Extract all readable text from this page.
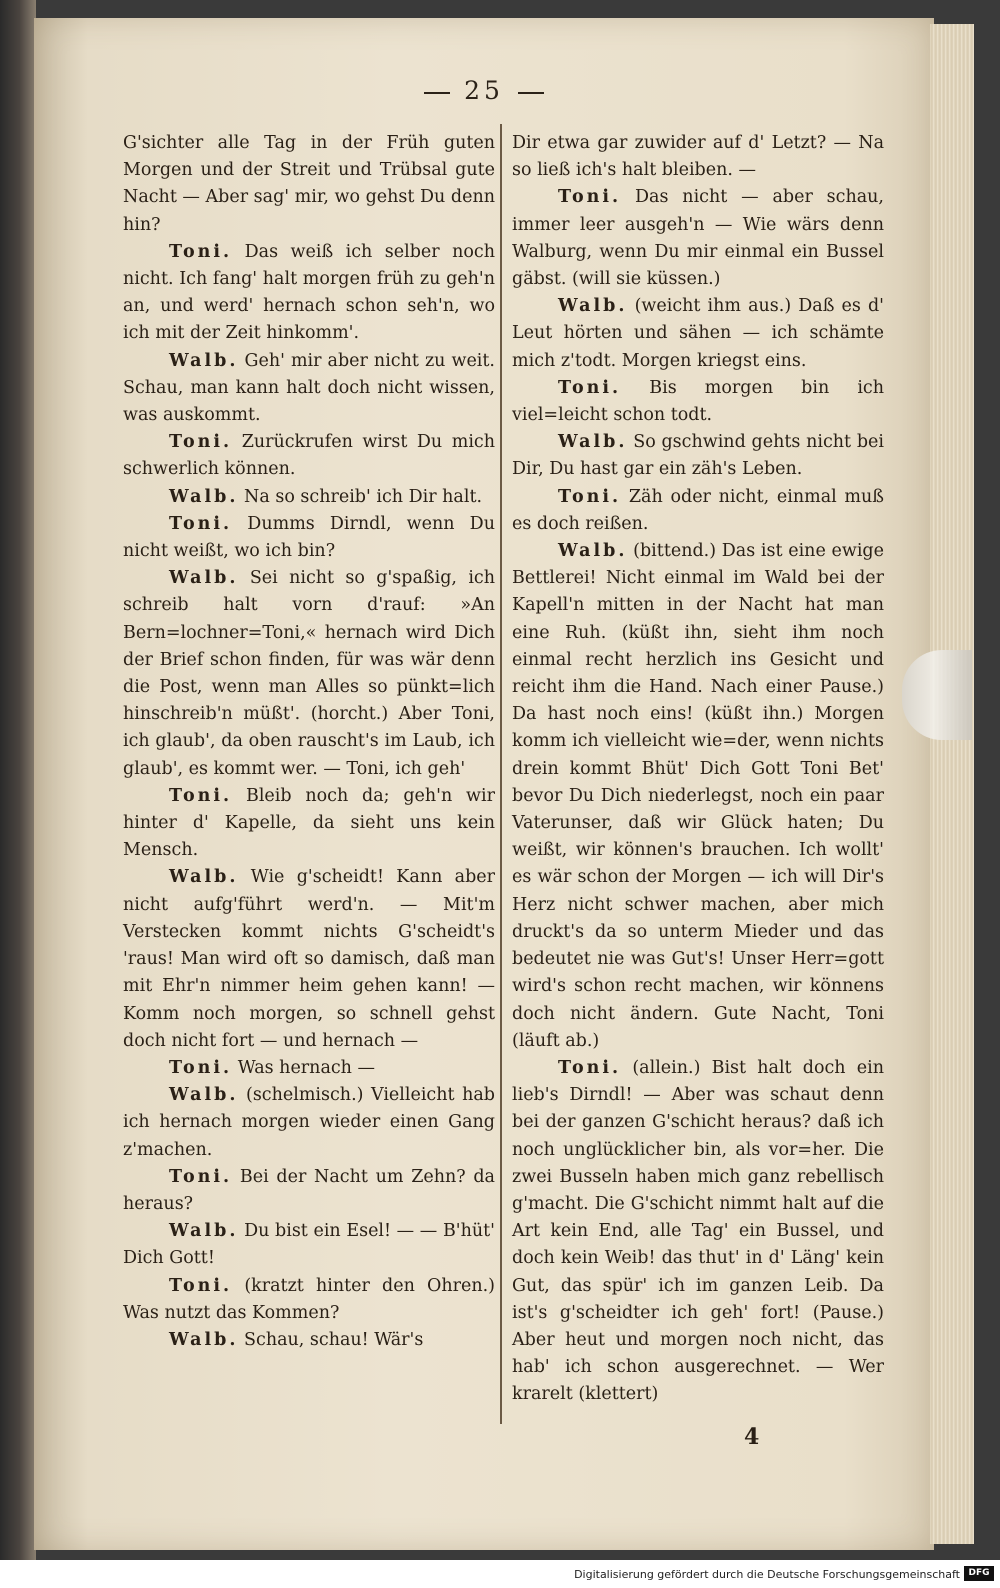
25
G'sichter alle Tag in der Früh guten Morgen und der Streit und Trübsal gute Nacht — Aber sag' mir, wo gehst Du denn hin?
Toni. Das weiß ich selber noch nicht. Ich fang' halt morgen früh zu geh'n an, und werd' hernach schon seh'n, wo ich mit der Zeit hinkomm'.
Walb. Geh' mir aber nicht zu weit. Schau, man kann halt doch nicht wissen, was auskommt.
Toni. Zurückrufen wirst Du mich schwerlich können.
Walb. Na so schreib' ich Dir halt.
Toni. Dumms Dirndl, wenn Du nicht weißt, wo ich bin?
Walb. Sei nicht so g'spaßig, ich schreib halt vorn d'rauf: »An Bern=lochner=Toni,« hernach wird Dich der Brief schon finden, für was wär denn die Post, wenn man Alles so pünkt=lich hinschreib'n müßt'. (horcht.) Aber Toni, ich glaub', da oben rauscht's im Laub, ich glaub', es kommt wer. — Toni, ich geh'
Toni. Bleib noch da; geh'n wir hinter d' Kapelle, da sieht uns kein Mensch.
Walb. Wie g'scheidt! Kann aber nicht aufg'führt werd'n. — Mit'm Verstecken kommt nichts G'scheidt's 'raus! Man wird oft so damisch, daß man mit Ehr'n nimmer heim gehen kann! — Komm noch morgen, so schnell gehst doch nicht fort — und hernach —
Toni. Was hernach —
Walb. (schelmisch.) Vielleicht hab ich hernach morgen wieder einen Gang z'machen.
Toni. Bei der Nacht um Zehn? da heraus?
Walb. Du bist ein Esel! — — B'hüt' Dich Gott!
Toni. (kratzt hinter den Ohren.) Was nutzt das Kommen?
Walb. Schau, schau! Wär's
Dir etwa gar zuwider auf d' Letzt? — Na so ließ ich's halt bleiben. —
Toni. Das nicht — aber schau, immer leer ausgeh'n — Wie wärs denn Walburg, wenn Du mir einmal ein Bussel gäbst. (will sie küssen.)
Walb. (weicht ihm aus.) Daß es d' Leut hörten und sähen — ich schämte mich z'todt. Morgen kriegst eins.
Toni. Bis morgen bin ich viel=leicht schon todt.
Walb. So gschwind gehts nicht bei Dir, Du hast gar ein zäh's Leben.
Toni. Zäh oder nicht, einmal muß es doch reißen.
Walb. (bittend.) Das ist eine ewige Bettlerei! Nicht einmal im Wald bei der Kapell'n mitten in der Nacht hat man eine Ruh. (küßt ihn, sieht ihm noch einmal recht herzlich ins Gesicht und reicht ihm die Hand. Nach einer Pause.) Da hast noch eins! (küßt ihn.) Morgen komm ich vielleicht wie=der, wenn nichts drein kommt Bhüt' Dich Gott Toni Bet' bevor Du Dich niederlegst, noch ein paar Vaterunser, daß wir Glück haten; Du weißt, wir können's brauchen. Ich wollt' es wär schon der Morgen — ich will Dir's Herz nicht schwer machen, aber mich druckt's da so unterm Mieder und das bedeutet nie was Gut's! Unser Herr=gott wird's schon recht machen, wir könnens doch nicht ändern. Gute Nacht, Toni (läuft ab.)
Toni. (allein.) Bist halt doch ein lieb's Dirndl! — Aber was schaut denn bei der ganzen G'schicht heraus? daß ich noch unglücklicher bin, als vor=her. Die zwei Busseln haben mich ganz rebellisch g'macht. Die G'schicht nimmt halt auf die Art kein End, alle Tag' ein Bussel, und doch kein Weib! das thut' in d' Läng' kein Gut, das spür' ich im ganzen Leib. Da ist's g'scheidter ich geh' fort! (Pause.) Aber heut und morgen noch nicht, das hab' ich schon ausgerechnet. — Wer krarelt (klettert)
4
Digitalisierung gefördert durch die Deutsche Forschungsgemeinschaft DFG
